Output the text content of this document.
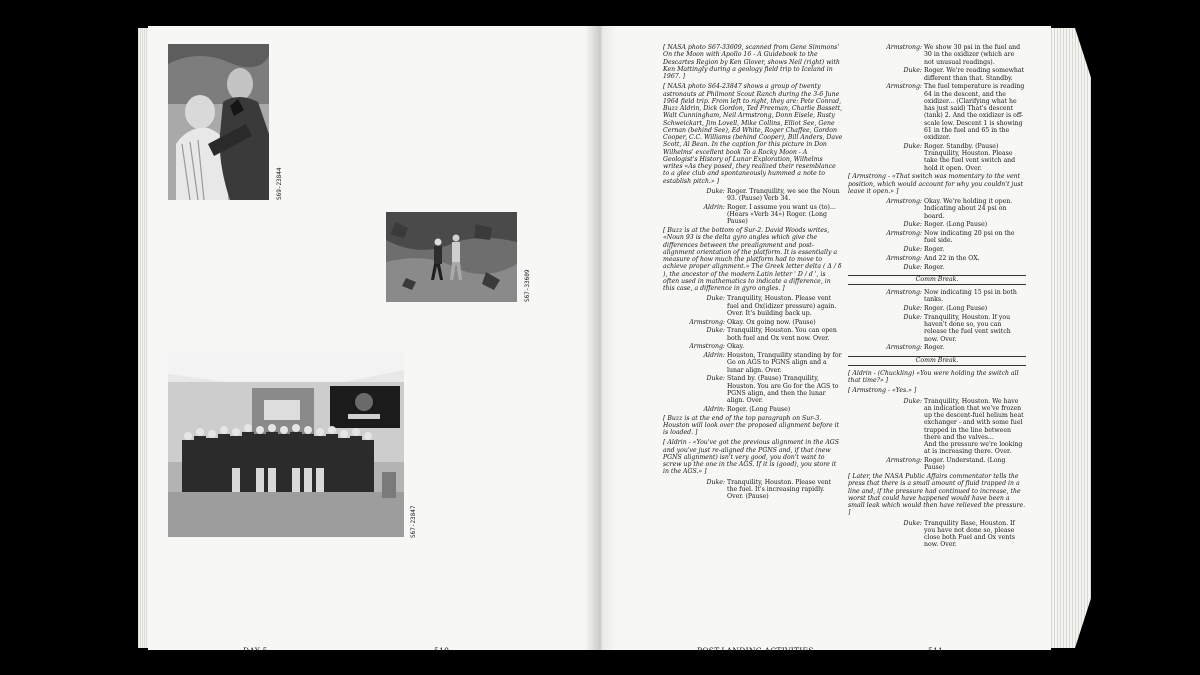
S69-23844
S67-33609
S67-23847
DAY 5	510	POST-LANDING ACTIVITIES	511
[ NASA photo S67-33609, scanned from Gene Simmons' On the Moon with Apollo 16 - A Guidebook to the Descartes Region by Ken Glover, shows Neil (right) with Ken Mattingly during a geology field trip to Iceland in 1967. ]
[ NASA photo S64-23847 shows a group of twenty astronauts at Philmont Scout Ranch during the 3-6 June 1964 field trip. From left to right, they are: Pete Conrad, Buzz Aldrin, Dick Gordon, Ted Freeman, Charlie Bassett, Walt Cunningham, Neil Armstrong, Donn Eisele, Rusty Schweickart, Jim Lovell, Mike Collins, Elliot See, Gene Cernan (behind See), Ed White, Roger Chaffee, Gordon Cooper, C.C. Williams (behind Cooper), Bill Anders, Dave Scott, Al Bean. In the caption for this picture in Don Wilhelms' excellent book To a Rocky Moon - A Geologist's History of Lunar Exploration, Wilhelms writes «As they posed, they realized their resemblance to a glee club and spontaneously hummed a note to establish pitch.» ]
Duke: Roger. Tranquility, we see the Noun 93. (Pause) Verb 34.
Aldrin: Roger. I assume you want us (to)... (Hears «Verb 34») Roger. (Long Pause)
[ Buzz is at the bottom of Sur-2. David Woods writes, «Noun 93 is the delta gyro angles which give the differences between the prealignment and post-alignment orientation of the platform. It is essentially a measure of how much the platform had to move to achieve proper alignment.» The Greek letter delta ( Δ / δ ), the ancestor of the modern Latin letter ' D / d ', is often used in mathematics to indicate a difference, in this case, a difference in gyro angles. ]
Duke: Tranquility, Houston. Please vent fuel and Ox(idizer pressure) again. Over. It's building back up.
Armstrong: Okay. Ox going now. (Pause)
Duke: Tranquility, Houston. You can open both fuel and Ox vent now. Over.
Armstrong: Okay.
Aldrin: Houston, Tranquility standing by for Go on AGS to PGNS align and a lunar align. Over.
Duke: Stand by. (Pause) Tranquility, Houston. You are Go for the AGS to PGNS align, and then the lunar align. Over.
Aldrin: Roger. (Long Pause)
[ Buzz is at the end of the top paragraph on Sur-3. Houston will look over the proposed alignment before it is loaded. ]
[ Aldrin - «You've got the previous alignment in the AGS and you've just re-aligned the PGNS and, if that (new PGNS alignment) isn't very good, you don't want to screw up the one in the AGS. If it is (good), you store it in the AGS.» ]
Duke: Tranquility, Houston. Please vent the fuel. It's increasing rapidly. Over. (Pause)
Armstrong: We show 30 psi in the fuel and 30 in the oxidizer (which are not unusual readings).
Duke: Roger. We're reading somewhat different than that. Standby.
Armstrong: The fuel temperature is reading 64 in the descent, and the oxidizer... (Clarifying what he has just said) That's descent (tank) 2. And the oxidizer is off-scale low. Descent 1 is showing 61 in the fuel and 65 in the oxidizer.
Duke: Roger. Standby. (Pause) Tranquility, Houston. Please take the fuel vent switch and hold it open. Over.
[ Armstrong - «That switch was momentary to the vent position, which would account for why you couldn't just leave it open.» ]
Armstrong: Okay. We're holding it open. Indicating about 24 psi on board.
Duke: Roger. (Long Pause)
Armstrong: Now indicating 20 psi on the fuel side.
Duke: Roger.
Armstrong: And 22 in the OX.
Duke: Roger.
Comm Break.
Armstrong: Now indicating 15 psi in both tanks.
Duke: Roger. (Long Pause)
Duke: Tranquility, Houston. If you haven't done so, you can release the fuel vent switch now. Over.
Armstrong: Roger.
Comm Break.
[ Aldrin - (Chuckling) «You were holding the switch all that time?» ]
[ Armstrong - «Yes.» ]
Duke: Tranquility, Houston. We have an indication that we've frozen up the descent-fuel helium heat exchanger - and with some fuel trapped in the line between there and the valves...
And the pressure we're looking at is increasing there. Over.
Armstrong: Roger. Understand. (Long Pause)
[ Later, the NASA Public Affairs commentator tells the press that there is a small amount of fluid trapped in a line and, if the pressure had continued to increase, the worst that could have happened would have been a small leak which would then have relieved the pressure. ]
Duke: Tranquility Base, Houston. If you have not done so, please close both Fuel and Ox vents now. Over.
